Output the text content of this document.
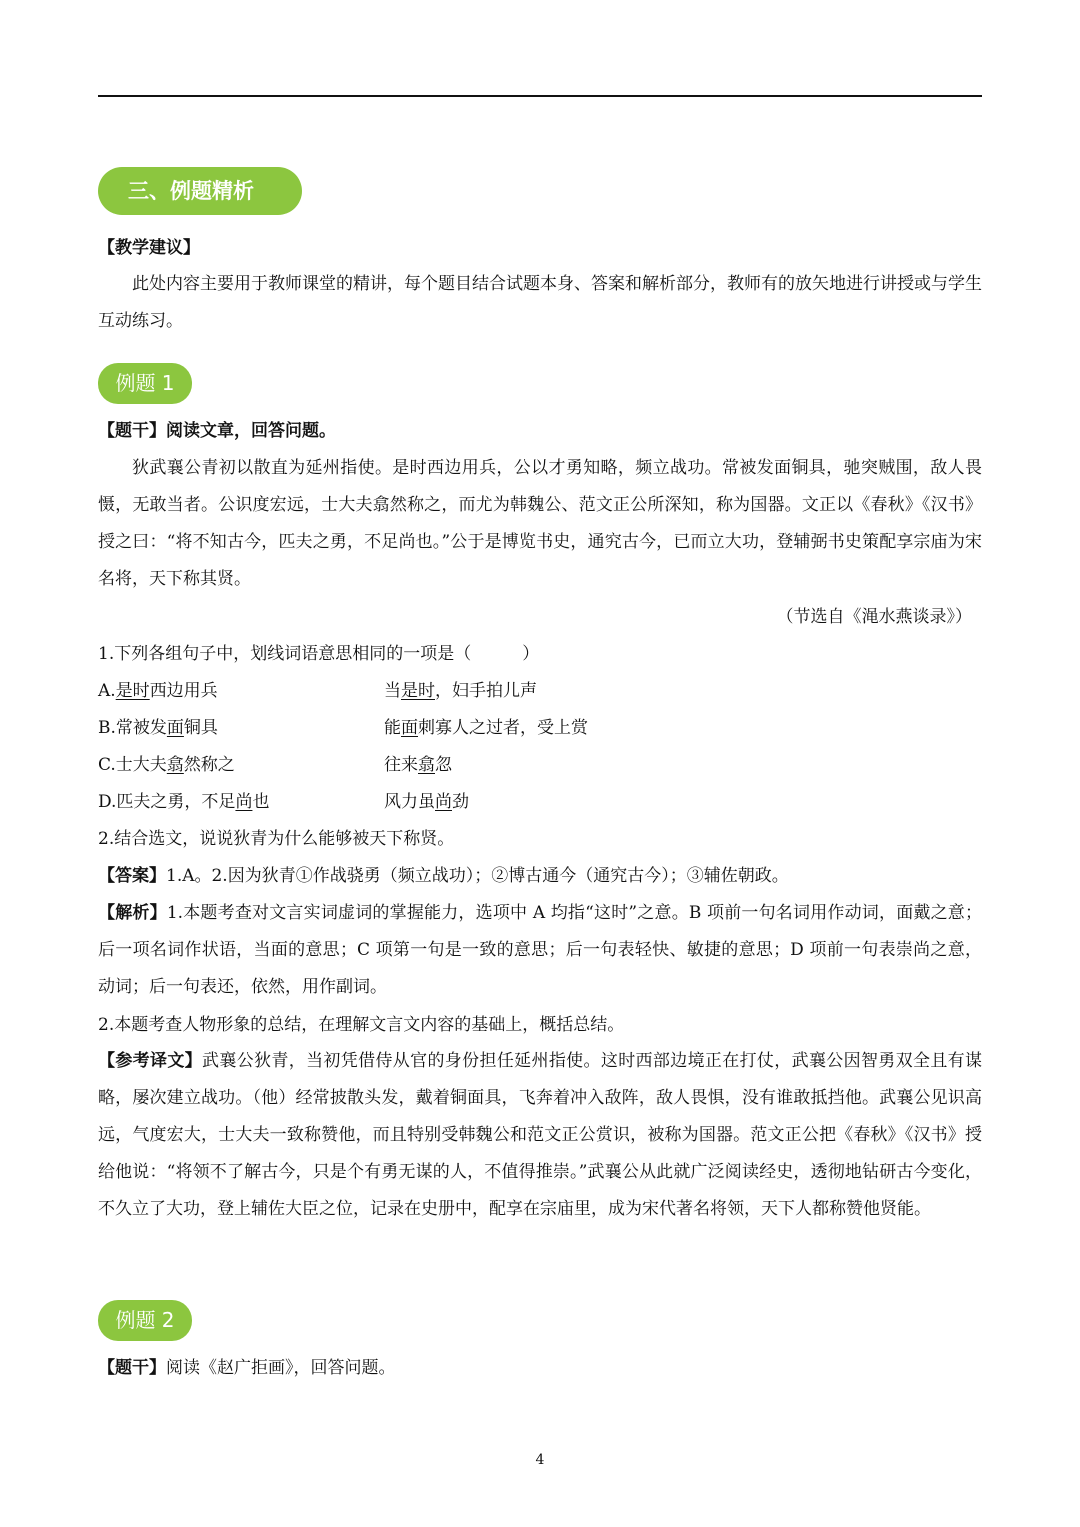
三、例题精析
【教学建议】

此处内容主要用于教师课堂的精讲，每个题目结合试题本身、答案和解析部分，教师有的放矢地进行讲授或与学生互动练习。

例题 1
【题干】阅读文章，回答问题。

狄武襄公青初以散直为延州指使。是时西边用兵，公以才勇知略，频立战功。常被发面铜具，驰突贼围，敌人畏慑，无敢当者。公识度宏远，士大夫翕然称之，而尤为韩魏公、范文正公所深知，称为国器。文正以《春秋》《汉书》授之曰：“将不知古今，匹夫之勇，不足尚也。”公于是博览书史，通究古今，已而立大功，登辅弼书史策配享宗庙为宋名将，天下称其贤。

（节选自《渑水燕谈录》）
1.下列各组句子中，划线词语意思相同的一项是（　　　）
A.是时西边用兵	当是时，妇手拍儿声
B.常被发面铜具	能面刺寡人之过者，受上赏
C.士大夫翕然称之	往来翕忽
D.匹夫之勇，不足尚也	风力虽尚劲
2.结合选文，说说狄青为什么能够被天下称贤。
【答案】1.A。2.因为狄青①作战骁勇（频立战功）；②博古通今（通究古今）；③辅佐朝政。

【解析】1.本题考查对文言实词虚词的掌握能力，选项中 A 均指“这时”之意。B 项前一句名词用作动词，面戴之意；后一项名词作状语，当面的意思；C 项第一句是一致的意思；后一句表轻快、敏捷的意思；D 项前一句表崇尚之意，动词；后一句表还，依然，用作副词。

2.本题考查人物形象的总结，在理解文言文内容的基础上，概括总结。

【参考译文】武襄公狄青，当初凭借侍从官的身份担任延州指使。这时西部边境正在打仗，武襄公因智勇双全且有谋略，屡次建立战功。（他）经常披散头发，戴着铜面具，飞奔着冲入敌阵，敌人畏惧，没有谁敢抵挡他。武襄公见识高远，气度宏大，士大夫一致称赞他，而且特别受韩魏公和范文正公赏识，被称为国器。范文正公把《春秋》《汉书》授给他说：“将领不了解古今，只是个有勇无谋的人，不值得推崇。”武襄公从此就广泛阅读经史，透彻地钻研古今变化，不久立了大功，登上辅佐大臣之位，记录在史册中，配享在宗庙里，成为宋代著名将领，天下人都称赞他贤能。

例题 2
【题干】阅读《赵广拒画》，回答问题。
4
